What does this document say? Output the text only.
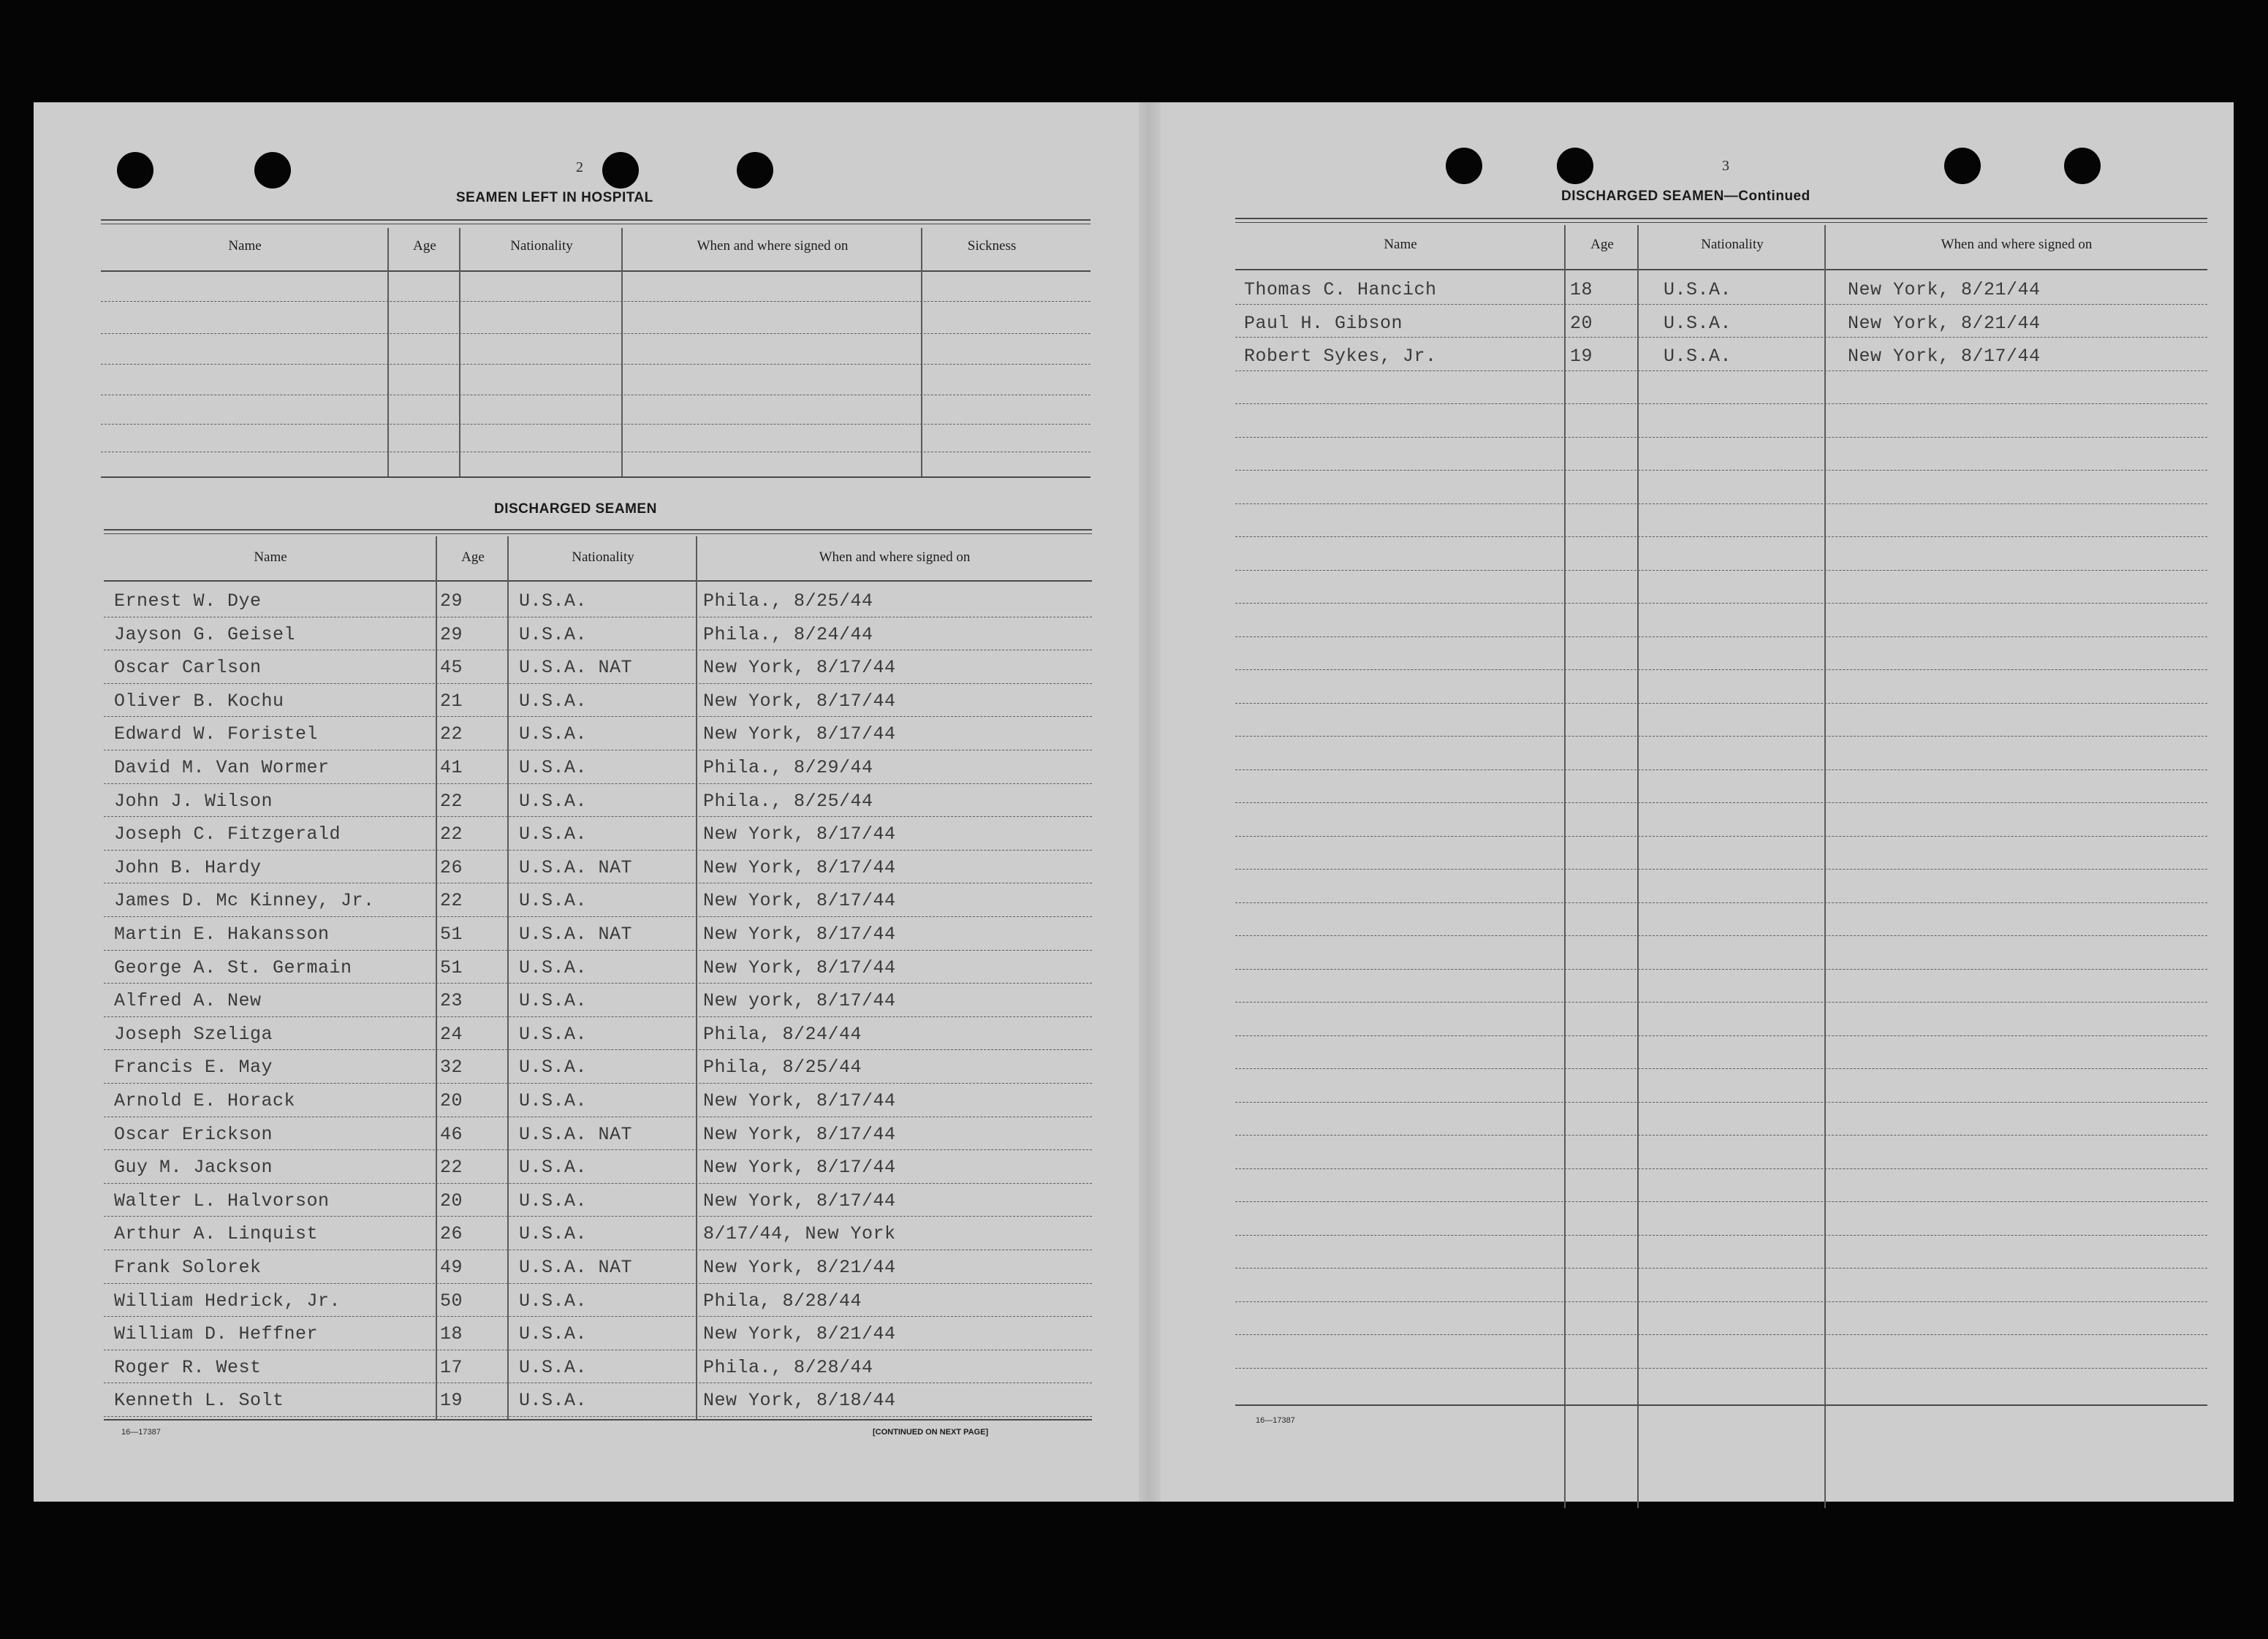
2
SEAMEN LEFT IN HOSPITAL
Name	Age	Nationality	When and where signed on	Sickness
DISCHARGED SEAMEN
Name	Age	Nationality	When and where signed on
Ernest W. Dye	29	U.S.A.	Phila., 8/25/44
Jayson G. Geisel	29	U.S.A.	Phila., 8/24/44
Oscar Carlson	45	U.S.A. NAT	New York, 8/17/44
Oliver B. Kochu	21	U.S.A.	New York, 8/17/44
Edward W. Foristel	22	U.S.A.	New York, 8/17/44
David M. Van Wormer	41	U.S.A.	Phila., 8/29/44
John J. Wilson	22	U.S.A.	Phila., 8/25/44
Joseph C. Fitzgerald	22	U.S.A.	New York, 8/17/44
John B. Hardy	26	U.S.A. NAT	New York, 8/17/44
James D. Mc Kinney, Jr.	22	U.S.A.	New York, 8/17/44
Martin E. Hakansson	51	U.S.A. NAT	New York, 8/17/44
George A. St. Germain	51	U.S.A.	New York, 8/17/44
Alfred A. New	23	U.S.A.	New york, 8/17/44
Joseph Szeliga	24	U.S.A.	Phila, 8/24/44
Francis E. May	32	U.S.A.	Phila, 8/25/44
Arnold E. Horack	20	U.S.A.	New York, 8/17/44
Oscar Erickson	46	U.S.A. NAT	New York, 8/17/44
Guy M. Jackson	22	U.S.A.	New York, 8/17/44
Walter L. Halvorson	20	U.S.A.	New York, 8/17/44
Arthur A. Linquist	26	U.S.A.	8/17/44, New York
Frank Solorek	49	U.S.A. NAT	New York, 8/21/44
William Hedrick, Jr.	50	U.S.A.	Phila, 8/28/44
William D. Heffner	18	U.S.A.	New York, 8/21/44
Roger R. West	17	U.S.A.	Phila., 8/28/44
Kenneth L. Solt	19	U.S.A.	New York, 8/18/44
16—17387	[CONTINUED ON NEXT PAGE]
3
DISCHARGED SEAMEN—Continued
Name	Age	Nationality	When and where signed on
Thomas C. Hancich	18	U.S.A.	New York, 8/21/44
Paul H. Gibson	20	U.S.A.	New York, 8/21/44
Robert Sykes, Jr.	19	U.S.A.	New York, 8/17/44
16—17387
